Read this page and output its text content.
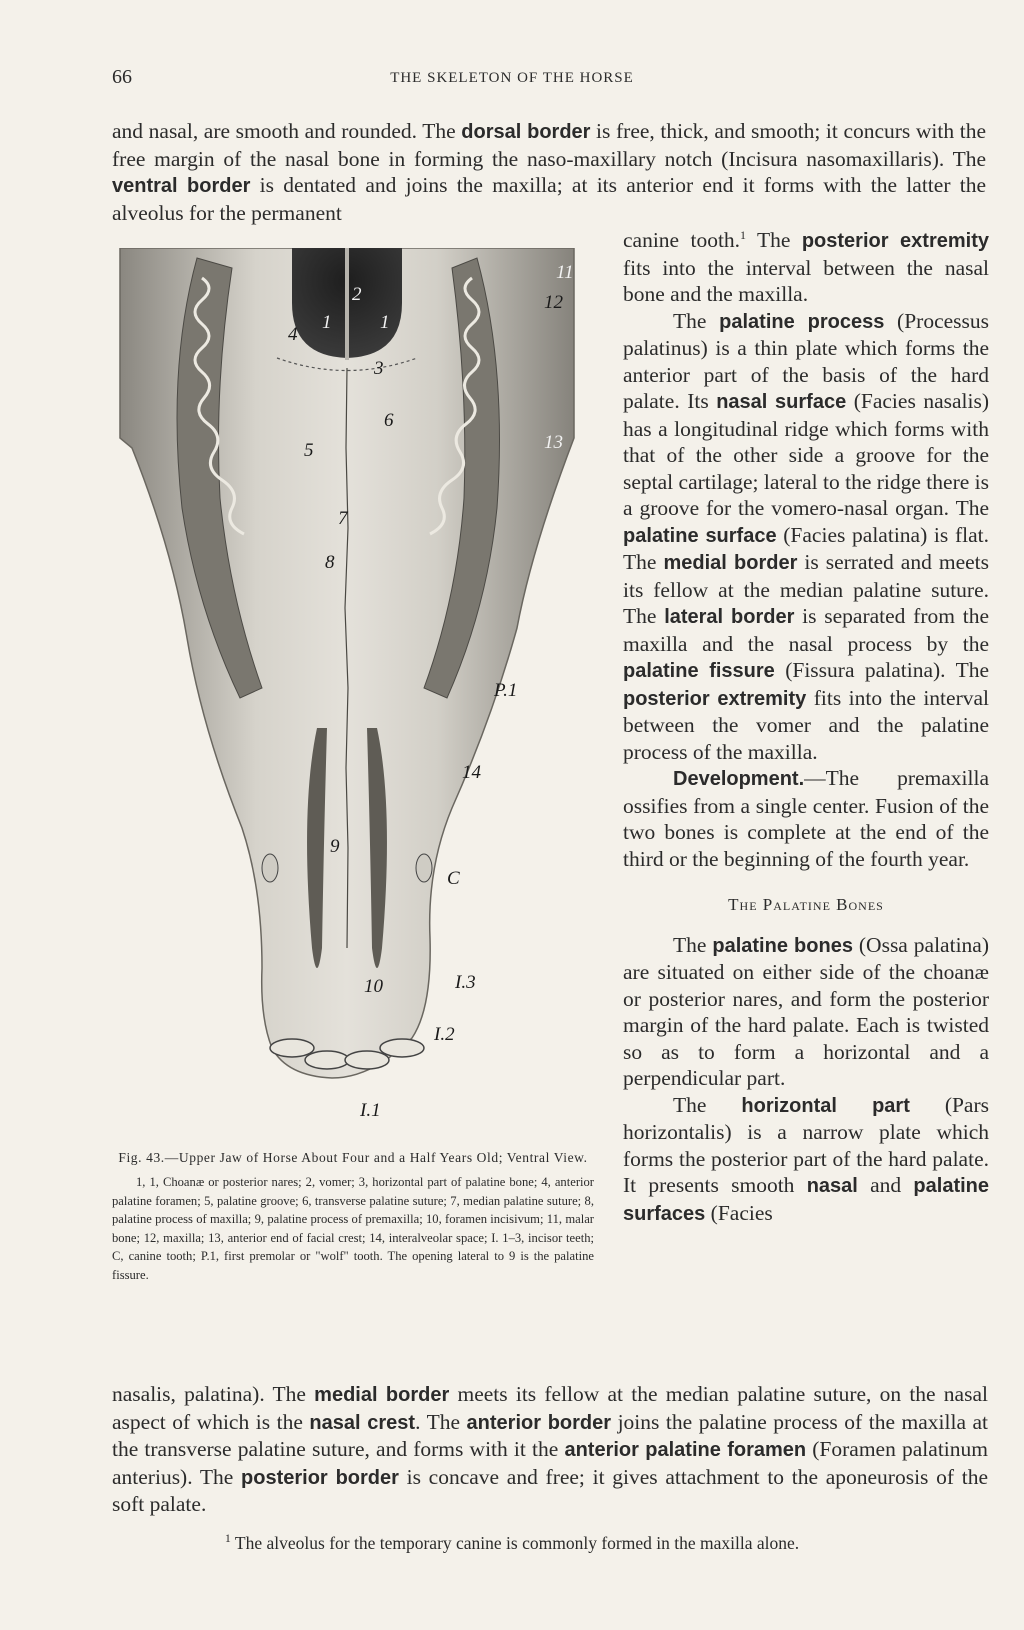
66	THE SKELETON OF THE HORSE
and nasal, are smooth and rounded. The dorsal border is free, thick, and smooth; it concurs with the free margin of the nasal bone in forming the naso-maxillary notch (Incisura nasomaxillaris). The ventral border is dentated and joins the maxilla; at its anterior end it forms with the latter the alveolus for the permanent
1	1
2
3
4
5
6
7
8
9
10
11
12
13
14
P.1
C
I.3
I.2
I.1
Fig. 43.—Upper Jaw of Horse About Four and a Half Years Old; Ventral View.
1, 1, Choanæ or posterior nares; 2, vomer; 3, horizontal part of palatine bone; 4, anterior palatine foramen; 5, palatine groove; 6, transverse palatine suture; 7, median palatine suture; 8, palatine process of maxilla; 9, palatine process of premaxilla; 10, foramen incisivum; 11, malar bone; 12, maxilla; 13, anterior end of facial crest; 14, interalveolar space; I. 1–3, incisor teeth; C, canine tooth; P.1, first premolar or "wolf" tooth. The opening lateral to 9 is the palatine fissure.

canine tooth.$^1$ The posterior extremity fits into the interval between the nasal bone and the maxilla.

The palatine process (Processus palatinus) is a thin plate which forms the anterior part of the basis of the hard palate. Its nasal surface (Facies nasalis) has a longitudinal ridge which forms with that of the other side a groove for the septal cartilage; lateral to the ridge there is a groove for the vomero-nasal organ. The palatine surface (Facies palatina) is flat. The medial border is serrated and meets its fellow at the median palatine suture. The lateral border is separated from the maxilla and the nasal process by the palatine fissure (Fissura palatina). The posterior extremity fits into the interval between the vomer and the palatine process of the maxilla.

Development.—The premaxilla ossifies from a single center. Fusion of the two bones is complete at the end of the third or the beginning of the fourth year.

The Palatine Bones

The palatine bones (Ossa palatina) are situated on either side of the choanæ or posterior nares, and form the posterior margin of the hard palate. Each is twisted so as to form a horizontal and a perpendicular part.

The horizontal part (Pars horizontalis) is a narrow plate which forms the posterior part of the hard palate. It presents smooth nasal and palatine surfaces (Facies

nasalis, palatina). The medial border meets its fellow at the median palatine suture, on the nasal aspect of which is the nasal crest. The anterior border joins the palatine process of the maxilla at the transverse palatine suture, and forms with it the anterior palatine foramen (Foramen palatinum anterius). The posterior border is concave and free; it gives attachment to the aponeurosis of the soft palate.
$^1$ The alveolus for the temporary canine is commonly formed in the maxilla alone.
